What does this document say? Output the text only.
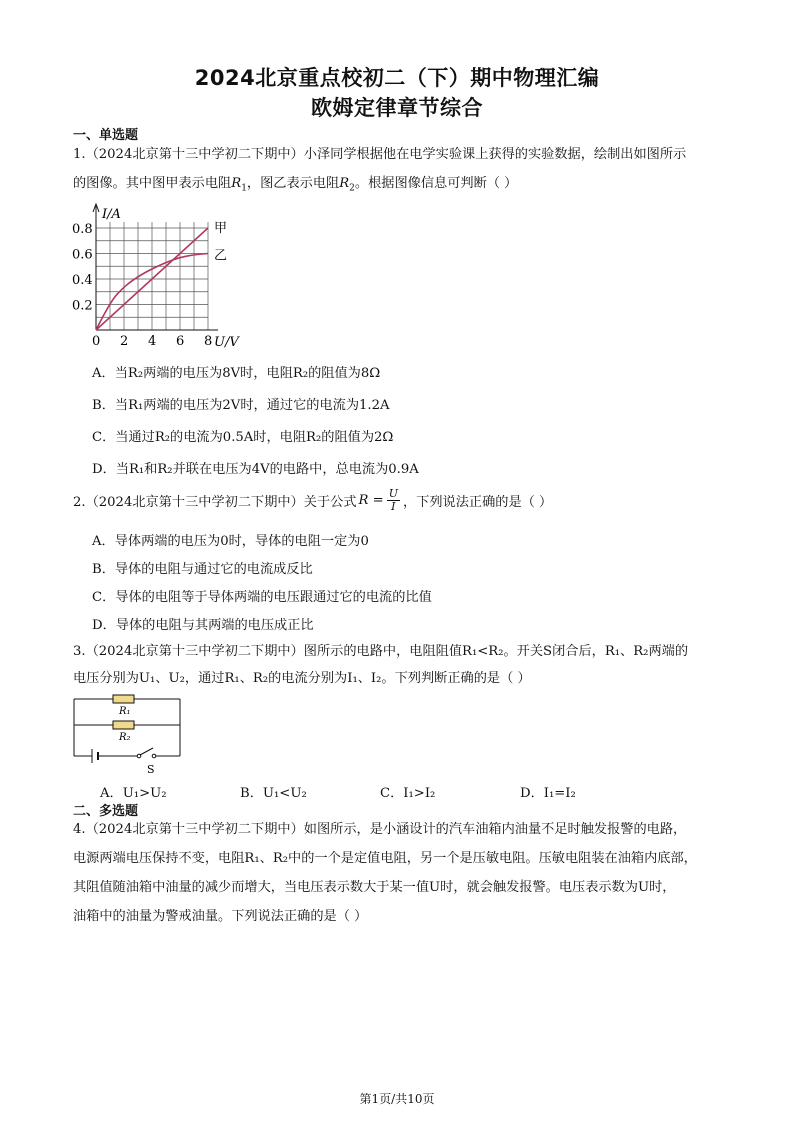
2024北京重点校初二（下）期中物理汇编
欧姆定律章节综合
一、单选题
1.（2024北京第十三中学初二下期中）小泽同学根据他在电学实验课上获得的实验数据，绘制出如图所示
的图像。其中图甲表示电阻$R_1$，图乙表示电阻$R_2$。根据图像信息可判断（ ）
0 2 4 6 8
0.2
0.4
0.6
0.8
I/A
U/V
甲
乙
A．当R₂两端的电压为8V时，电阻R₂的阻值为8Ω
B．当R₁两端的电压为2V时，通过它的电流为1.2A
C．当通过R₂的电流为0.5A时，电阻R₂的阻值为2Ω
D．当R₁和R₂并联在电压为4V的电路中，总电流为0.9A
2.（2024北京第十三中学初二下期中）关于公式 $R = \frac{U}{I}$ ，下列说法正确的是（ ）
A．导体两端的电压为0时，导体的电阻一定为0
B．导体的电阻与通过它的电流成反比
C．导体的电阻等于导体两端的电压跟通过它的电流的比值
D．导体的电阻与其两端的电压成正比
3.（2024北京第十三中学初二下期中）图所示的电路中，电阻阻值R₁<R₂。开关S闭合后，R₁、R₂两端的
电压分别为U₁、U₂，通过R₁、R₂的电流分别为I₁、I₂。下列判断正确的是（ ）
R₁
R₂
S
A．U₁>U₂	B．U₁<U₂	C．I₁>I₂	D．I₁=I₂
二、多选题
4.（2024北京第十三中学初二下期中）如图所示，是小涵设计的汽车油箱内油量不足时触发报警的电路，
电源两端电压保持不变，电阻R₁、R₂中的一个是定值电阻，另一个是压敏电阻。压敏电阻装在油箱内底部，
其阻值随油箱中油量的减少而增大，当电压表示数大于某一值U时，就会触发报警。电压表示数为U时，
油箱中的油量为警戒油量。下列说法正确的是（ ）
第1页/共10页
